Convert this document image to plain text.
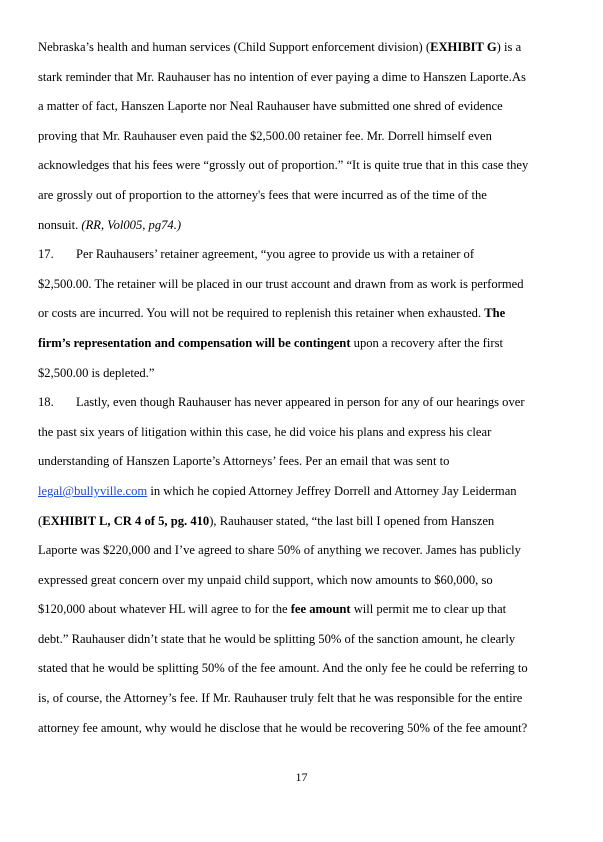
Nebraska’s health and human services (Child Support enforcement division) (EXHIBIT G) is a
stark reminder that Mr. Rauhauser has no intention of ever paying a dime to Hanszen Laporte.As
a matter of fact, Hanszen Laporte nor Neal Rauhauser have submitted one shred of evidence
proving that Mr. Rauhauser even paid the $2,500.00 retainer fee. Mr. Dorrell himself even
acknowledges that his fees were “grossly out of proportion.” “It is quite true that in this case they
are grossly out of proportion to the attorney's fees that were incurred as of the time of the
nonsuit. (RR, Vol005, pg74.)
17. Per Rauhausers’ retainer agreement, “you agree to provide us with a retainer of
$2,500.00. The retainer will be placed in our trust account and drawn from as work is performed
or costs are incurred. You will not be required to replenish this retainer when exhausted. The
firm’s representation and compensation will be contingent upon a recovery after the first
$2,500.00 is depleted.”
18. Lastly, even though Rauhauser has never appeared in person for any of our hearings over
the past six years of litigation within this case, he did voice his plans and express his clear
understanding of Hanszen Laporte’s Attorneys’ fees. Per an email that was sent to
legal@bullyville.com in which he copied Attorney Jeffrey Dorrell and Attorney Jay Leiderman
(EXHIBIT L, CR 4 of 5, pg. 410), Rauhauser stated, “the last bill I opened from Hanszen
Laporte was $220,000 and I’ve agreed to share 50% of anything we recover. James has publicly
expressed great concern over my unpaid child support, which now amounts to $60,000, so
$120,000 about whatever HL will agree to for the fee amount will permit me to clear up that
debt.” Rauhauser didn’t state that he would be splitting 50% of the sanction amount, he clearly
stated that he would be splitting 50% of the fee amount. And the only fee he could be referring to
is, of course, the Attorney’s fee. If Mr. Rauhauser truly felt that he was responsible for the entire
attorney fee amount, why would he disclose that he would be recovering 50% of the fee amount?
17
